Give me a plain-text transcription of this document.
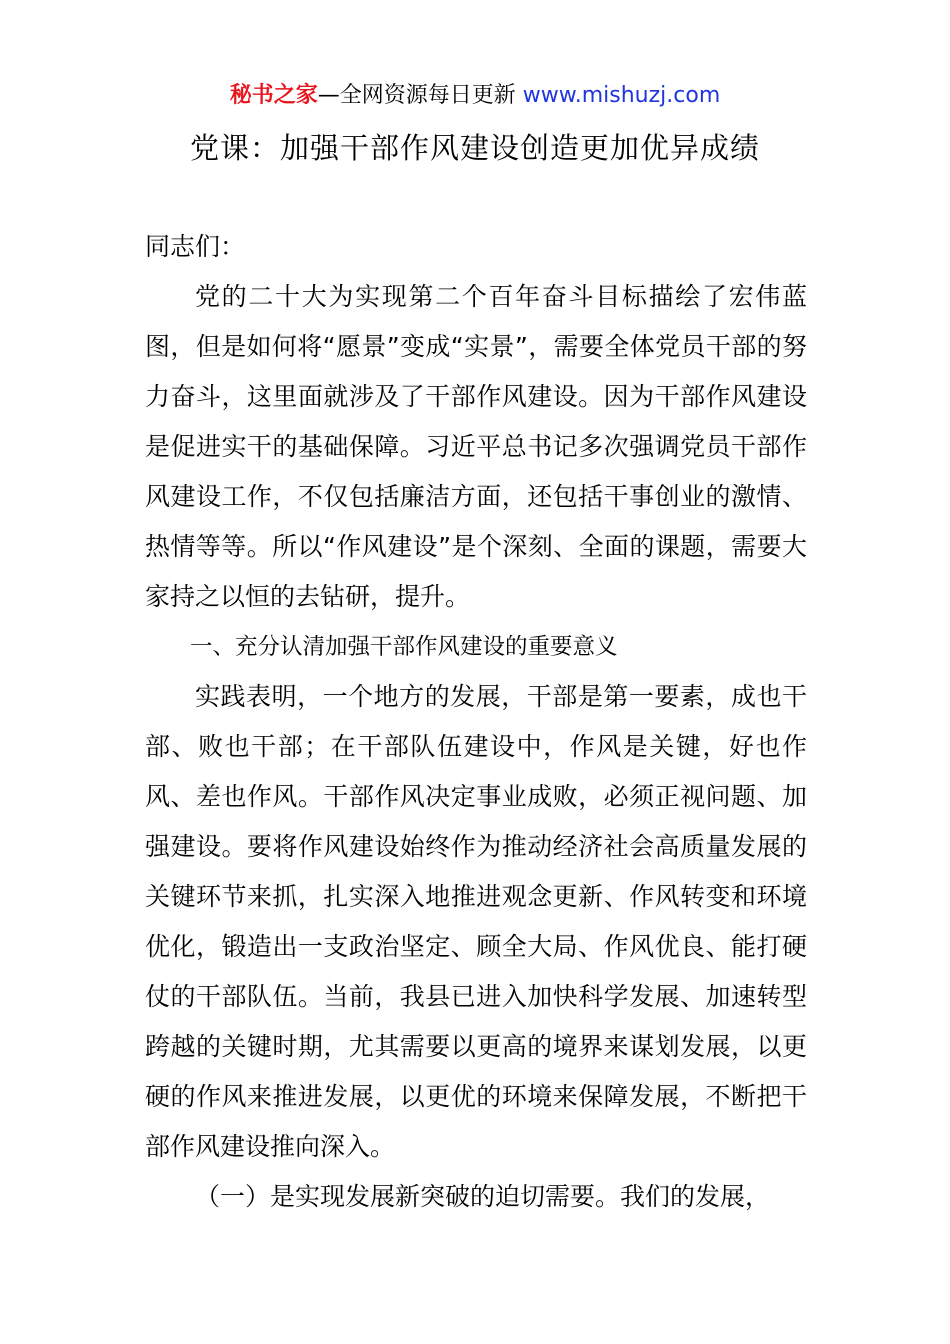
秘书之家—全网资源每日更新 www.mishuzj.com
党课：加强干部作风建设创造更加优异成绩

同志们：

党的二十大为实现第二个百年奋斗目标描绘了宏伟蓝图，但是如何将“愿景”变成“实景”，需要全体党员干部的努力奋斗，这里面就涉及了干部作风建设。因为干部作风建设是促进实干的基础保障。习近平总书记多次强调党员干部作风建设工作，不仅包括廉洁方面，还包括干事创业的激情、热情等等。所以“作风建设”是个深刻、全面的课题，需要大家持之以恒的去钻研，提升。

一、充分认清加强干部作风建设的重要意义

实践表明，一个地方的发展，干部是第一要素，成也干部、败也干部；在干部队伍建设中，作风是关键，好也作风、差也作风。干部作风决定事业成败，必须正视问题、加强建设。要将作风建设始终作为推动经济社会高质量发展的关键环节来抓，扎实深入地推进观念更新、作风转变和环境优化，锻造出一支政治坚定、顾全大局、作风优良、能打硬仗的干部队伍。当前，我县已进入加快科学发展、加速转型跨越的关键时期，尤其需要以更高的境界来谋划发展，以更硬的作风来推进发展，以更优的环境来保障发展，不断把干部作风建设推向深入。

（一）是实现发展新突破的迫切需要。我们的发展，
